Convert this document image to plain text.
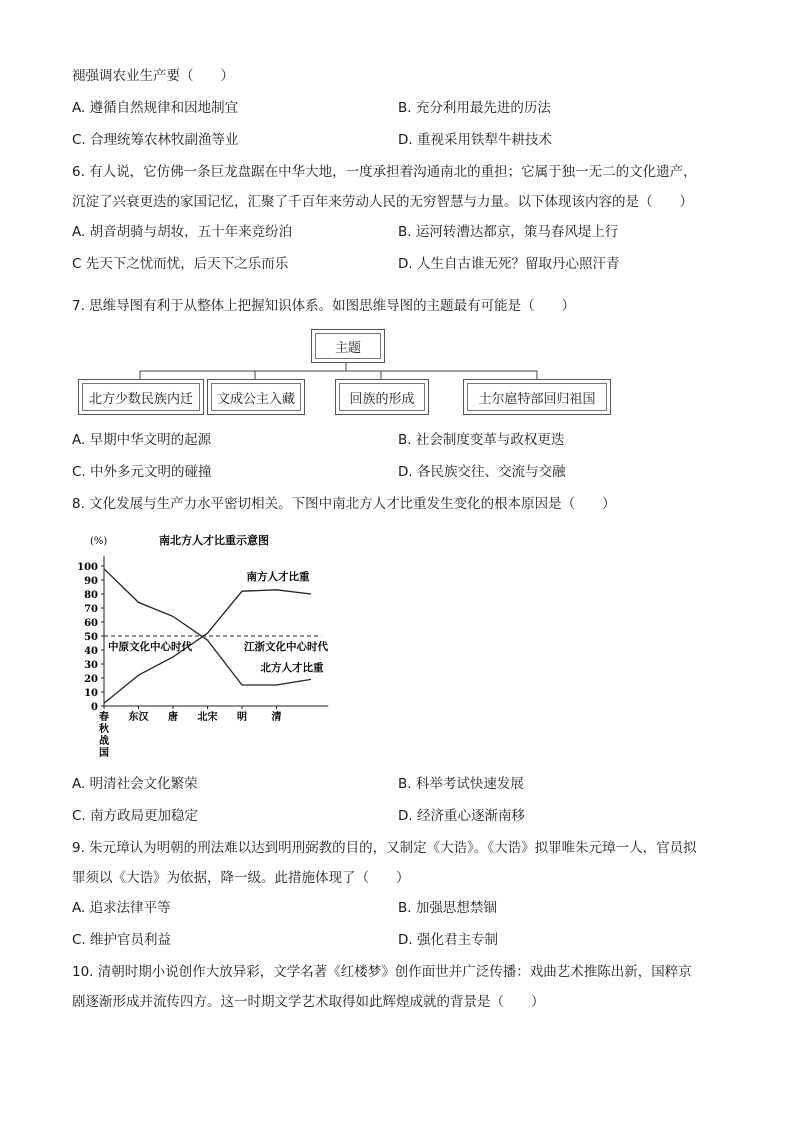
褪强调农业生产要（　　）
A. 遵循自然规律和因地制宜	B. 充分利用最先进的历法
C. 合理统筹农林牧副渔等业	D. 重视采用铁犁牛耕技术
6. 有人说，它仿佛一条巨龙盘踞在中华大地，一度承担着沟通南北的重担；它属于独一无二的文化遗产，
沉淀了兴衰更迭的家国记忆，汇聚了千百年来劳动人民的无穷智慧与力量。以下体现该内容的是（　　）
A. 胡音胡骑与胡妆，五十年来竞纷泊	B. 运河转漕达都京，策马春风堤上行
C 先天下之忧而忧，后天下之乐而乐	D. 人生自古谁无死？留取丹心照汗青
7. 思维导图有利于从整体上把握知识体系。如图思维导图的主题最有可能是（　　）
主题
北方少数民族内迁	文成公主入藏	回族的形成	土尔扈特部回归祖国
A. 早期中华文明的起源	B. 社会制度变革与政权更迭
C. 中外多元文明的碰撞	D. 各民族交往、交流与交融
8. 文化发展与生产力水平密切相关。下图中南北方人才比重发生变化的根本原因是（　　）
南北方人才比重示意图
(%)
0
10
20
30
40
50
60
70
80
90
100
春秋战国
东汉 唐 北宋 明 清
南方人才比重
北方人才比重
中原文化中心时代	江浙文化中心时代
A. 明清社会文化繁荣	B. 科举考试快速发展
C. 南方政局更加稳定	D. 经济重心逐渐南移
9. 朱元璋认为明朝的刑法难以达到明刑弼教的目的，又制定《大诰》。《大诰》拟罪唯朱元璋一人，官员拟
罪须以《大诰》为依据，降一级。此措施体现了（　　）
A. 追求法律平等	B. 加强思想禁锢
C. 维护官员利益	D. 强化君主专制
10. 清朝时期小说创作大放异彩，文学名著《红楼梦》创作面世并广泛传播：戏曲艺术推陈出新，国粹京
剧逐渐形成并流传四方。这一时期文学艺术取得如此辉煌成就的背景是（　　）
